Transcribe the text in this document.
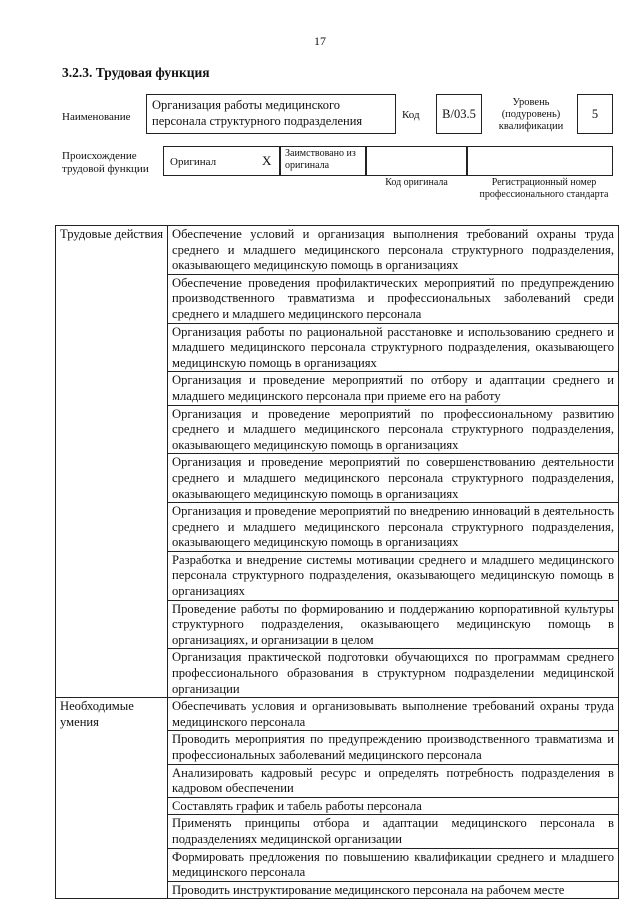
17
3.2.3. Трудовая функция
Наименование
Организация работы медицинского персонала структурного подразделения	Код	B/03.5
Уровень (подуровень) квалификации
5
Происхождение трудовой функции
Оригинал	X Заимствовано из оригинала
Код оригинала	Регистрационный номер профессионального стандарта
Трудовые действия	Обеспечение условий и организация выполнения требований охраны труда среднего и младшего медицинского персонала структурного подразделения, оказывающего медицинскую помощь в организациях
	Обеспечение проведения профилактических мероприятий по предупреждению производственного травматизма и профессиональных заболеваний среди среднего и младшего медицинского персонала
	Организация работы по рациональной расстановке и использованию среднего и младшего медицинского персонала структурного подразделения, оказывающего медицинскую помощь в организациях
	Организация и проведение мероприятий по отбору и адаптации среднего и младшего медицинского персонала при приеме его на работу
	Организация и проведение мероприятий по профессиональному развитию среднего и младшего медицинского персонала структурного подразделения, оказывающего медицинскую помощь в организациях
	Организация и проведение мероприятий по совершенствованию деятельности среднего и младшего медицинского персонала структурного подразделения, оказывающего медицинскую помощь в организациях
	Организация и проведение мероприятий по внедрению инноваций в деятельность среднего и младшего медицинского персонала структурного подразделения, оказывающего медицинскую помощь в организациях
	Разработка и внедрение системы мотивации среднего и младшего медицинского персонала структурного подразделения, оказывающего медицинскую помощь в организациях
	Проведение работы по формированию и поддержанию корпоративной культуры структурного подразделения, оказывающего медицинскую помощь в организациях, и организации в целом
	Организация практической подготовки обучающихся по программам среднего профессионального образования в структурном подразделении медицинской организации
Необходимые умения	Обеспечивать условия и организовывать выполнение требований охраны труда медицинского персонала
	Проводить мероприятия по предупреждению производственного травматизма и профессиональных заболеваний медицинского персонала
	Анализировать кадровый ресурс и определять потребность подразделения в кадровом обеспечении
	Составлять график и табель работы персонала
	Применять принципы отбора и адаптации медицинского персонала в подразделениях медицинской организации
	Формировать предложения по повышению квалификации среднего и младшего медицинского персонала
	Проводить инструктирование медицинского персонала на рабочем месте
